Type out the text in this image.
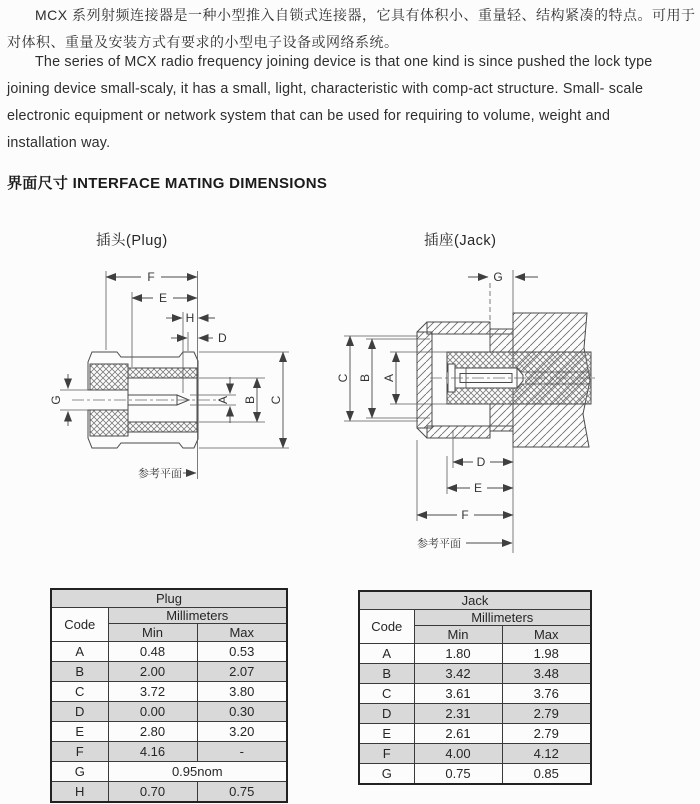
MCX 系列射频连接器是一种小型推入自锁式连接器，它具有体积小、重量轻、结构紧凑的特点。可用于
对体积、重量及安装方式有要求的小型电子设备或网络系统。
The series of MCX radio frequency joining device is that one kind is since pushed the lock type
joining device small-scaly, it has a small, light, characteristic with comp-act structure. Small- scale
electronic equipment or network system that can be used for requiring to volume, weight and
installation way.
界面尺寸 INTERFACE MATING DIMENSIONS
插头(Plug)	插座(Jack)
F
E
H
D
G	A B C
参考平面
G
C B A
D
E
F
参考平面
Plug		
Code	Millimeters	
	Min	Max
A	0.48	0.53
B	2.00	2.07
C	3.72	3.80
D	0.00	0.30
E	2.80	3.20
F	4.16	-
G	0.95nom	
H	0.70	0.75
Jack		
Code	Millimeters	
	Min	Max
A	1.80	1.98
B	3.42	3.48
C	3.61	3.76
D	2.31	2.79
E	2.61	2.79
F	4.00	4.12
G	0.75	0.85
